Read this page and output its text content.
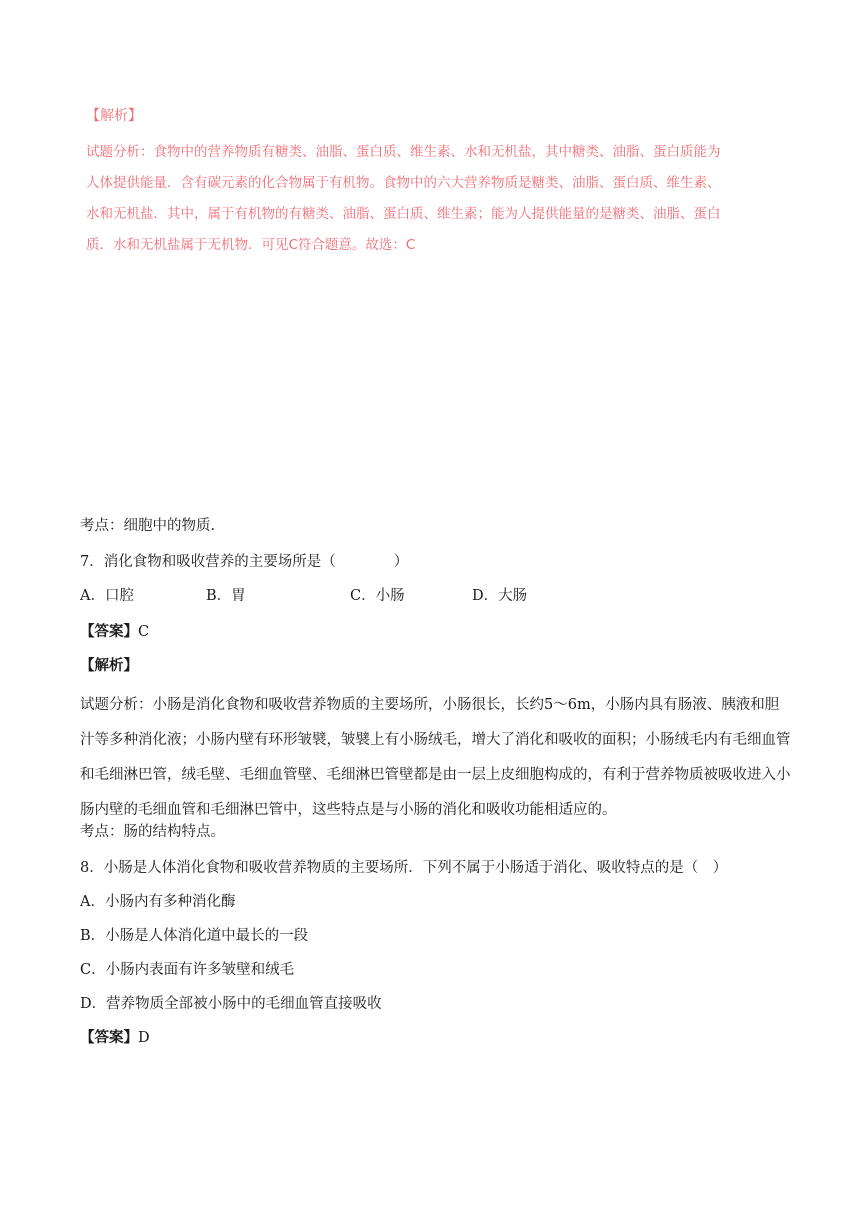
【解析】

试题分析：食物中的营养物质有糖类、油脂、蛋白质、维生素、水和无机盐，其中糖类、油脂、蛋白质能为人体提供能量．含有碳元素的化合物属于有机物。食物中的六大营养物质是糖类、油脂、蛋白质、维生素、水和无机盐．其中，属于有机物的有糖类、油脂、蛋白质、维生素；能为人提供能量的是糖类、油脂、蛋白质．水和无机盐属于无机物．可见C符合题意。故选：C

考点：细胞中的物质.

7．消化食物和吸收营养的主要场所是（　　　　）

A．口腔	B．胃	C．小肠	D．大肠

【答案】C

【解析】

试题分析：小肠是消化食物和吸收营养物质的主要场所，小肠很长，长约5～6m，小肠内具有肠液、胰液和胆汁等多种消化液；小肠内壁有环形皱襞，皱襞上有小肠绒毛，增大了消化和吸收的面积；小肠绒毛内有毛细血管和毛细淋巴管，绒毛壁、毛细血管壁、毛细淋巴管壁都是由一层上皮细胞构成的，有利于营养物质被吸收进入小肠内壁的毛细血管和毛细淋巴管中，这些特点是与小肠的消化和吸收功能相适应的。

考点：肠的结构特点。

8．小肠是人体消化食物和吸收营养物质的主要场所．下列不属于小肠适于消化、吸收特点的是（　）

A．小肠内有多种消化酶

B．小肠是人体消化道中最长的一段

C．小肠内表面有许多皱壁和绒毛

D．营养物质全部被小肠中的毛细血管直接吸收

【答案】D
